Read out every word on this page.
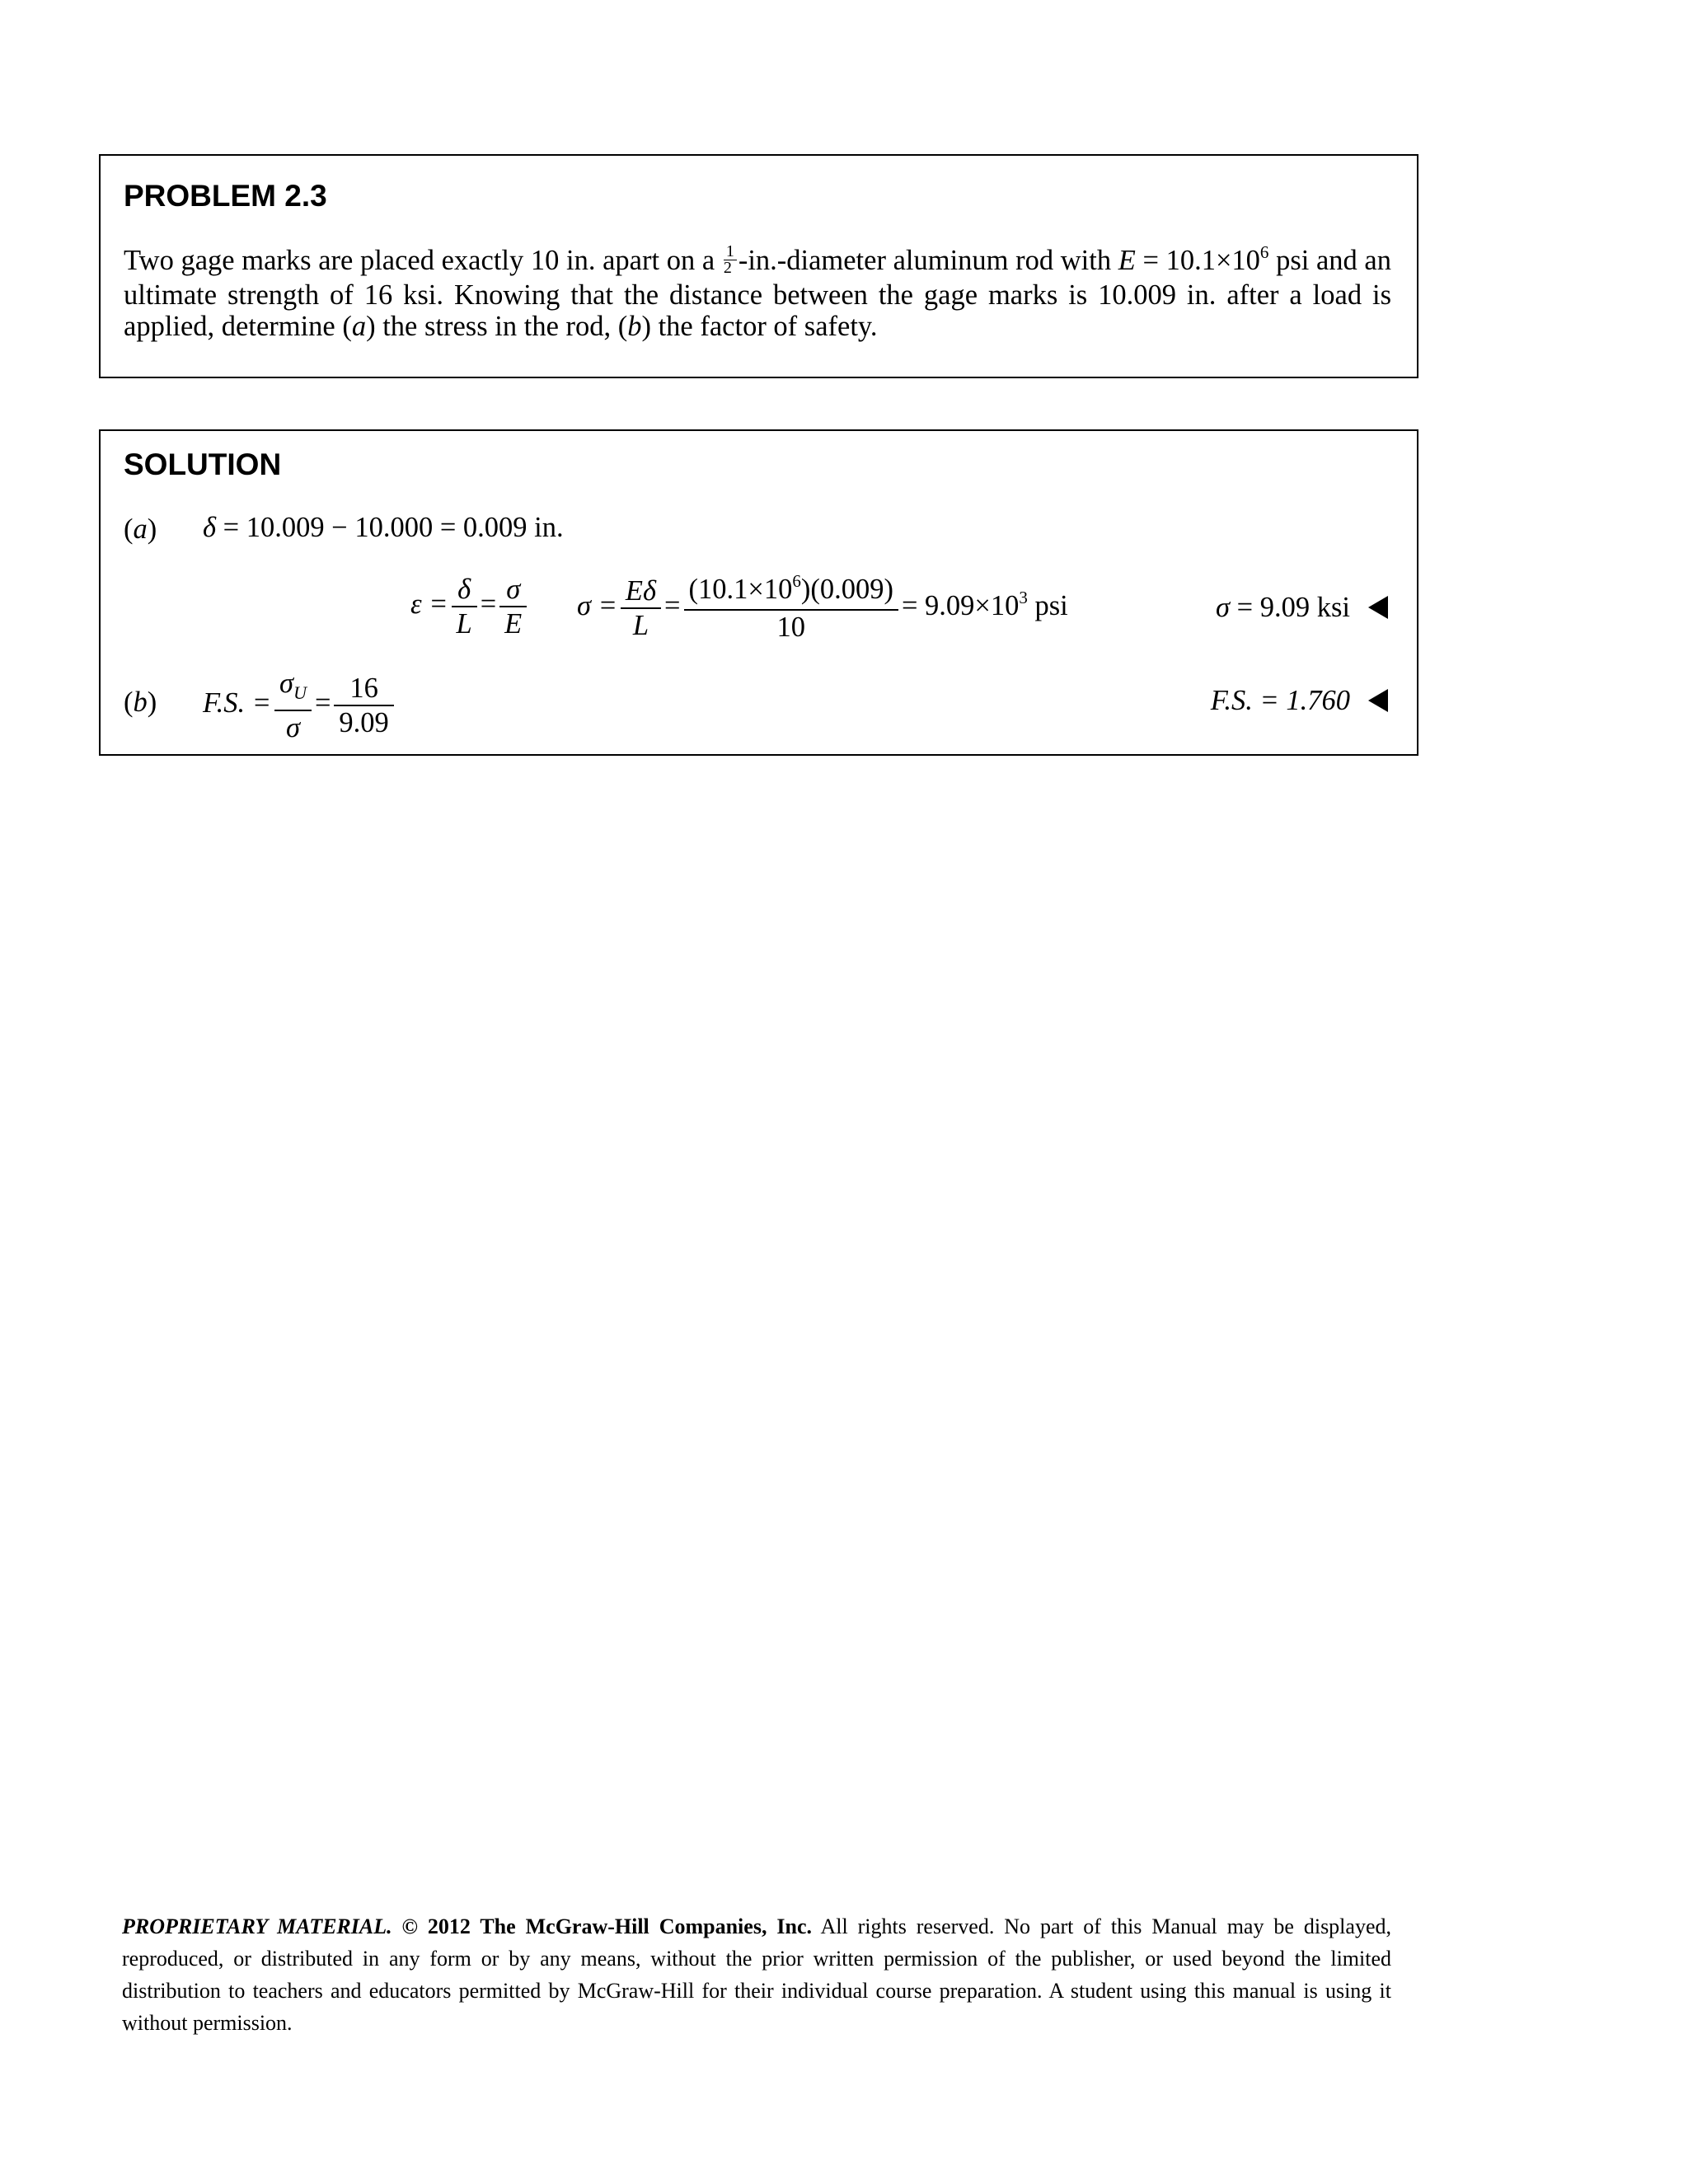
PROBLEM 2.3
Two gage marks are placed exactly 10 in. apart on a $\frac{1}{2}$ -in.-diameter aluminum rod with $E = 10.1\times 10^6$ psi and an ultimate strength of 16 ksi. Knowing that the distance between the gage marks is 10.009 in. after a load is applied, determine (a) the stress in the rod, (b) the factor of safety.
SOLUTION
(a) δ = 10.009 − 10.000 = 0.009 in.
$\varepsilon = \frac{\delta}{L} = \frac{\sigma}{E}$ $\sigma = \frac{E\delta}{L} = \frac{(10.1\times 10^6)(0.009)}{10} = 9.09\times 10^3$ psi	σ = 9.09 ksi
(b) F.S. = $\frac{\sigma_U}{\sigma} = \frac{16}{9.09}$	F.S. = 1.760
PROPRIETARY MATERIAL. © 2012 The McGraw-Hill Companies, Inc. All rights reserved. No part of this Manual may be displayed, reproduced, or distributed in any form or by any means, without the prior written permission of the publisher, or used beyond the limited distribution to teachers and educators permitted by McGraw-Hill for their individual course preparation. A student using this manual is using it without permission.
